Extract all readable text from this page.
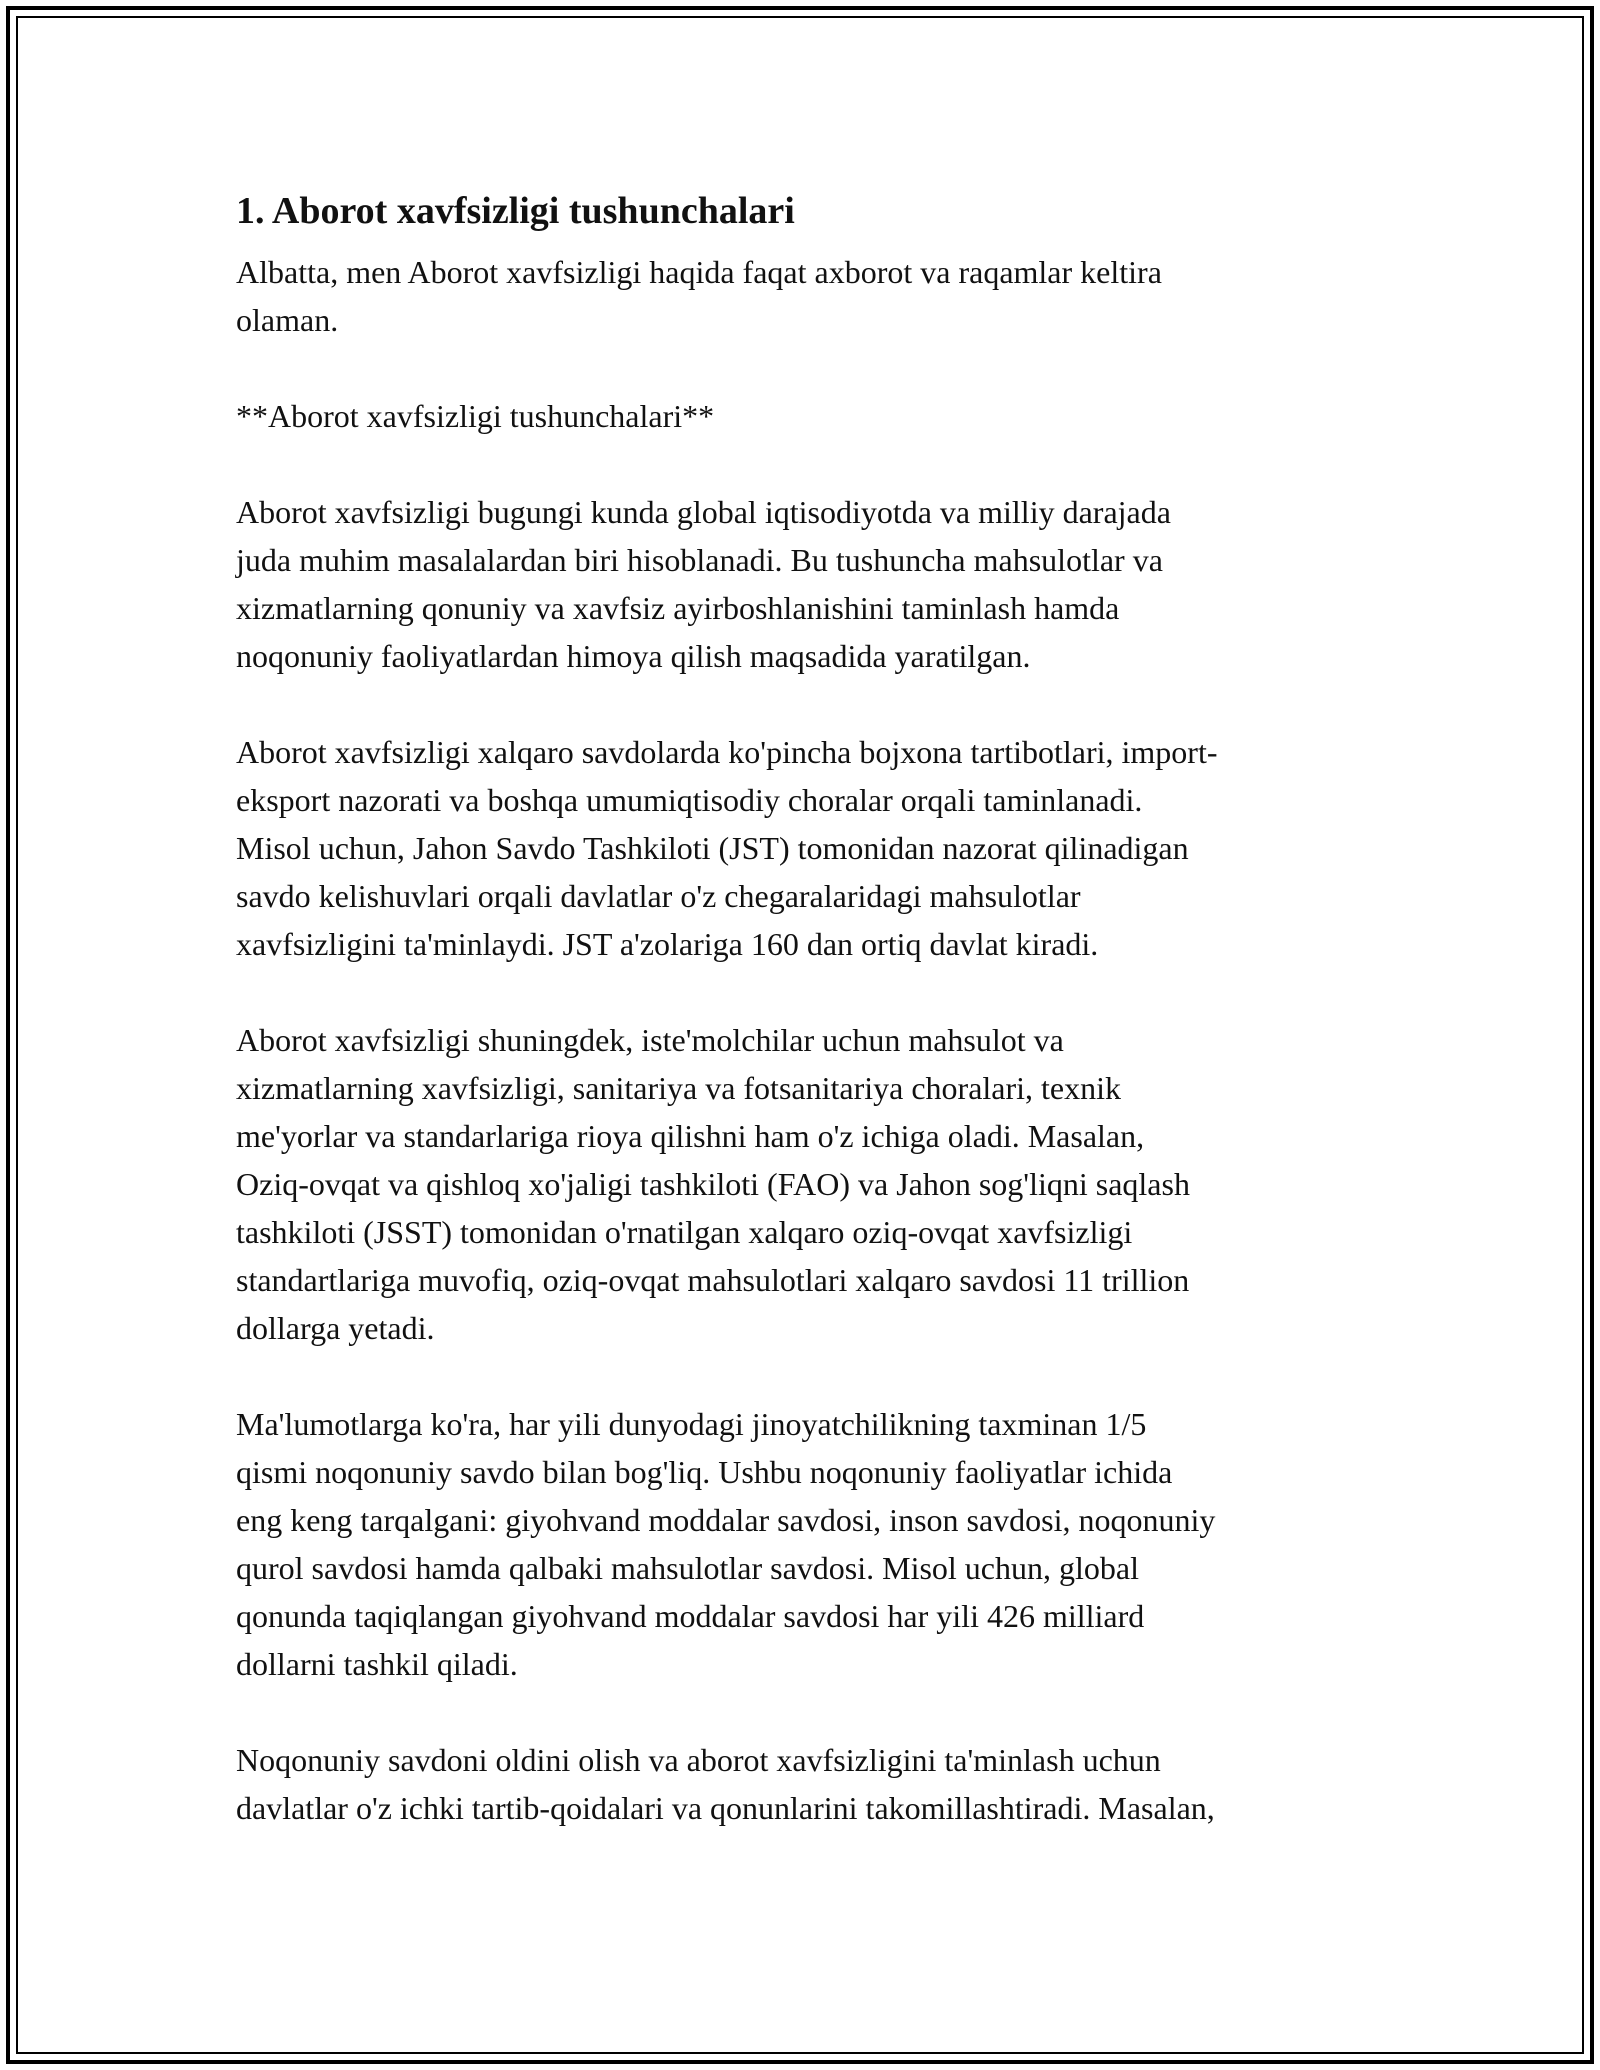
1. Aborot xavfsizligi tushunchalari
Albatta, men Aborot xavfsizligi haqida faqat axborot va raqamlar keltira
olaman.
**Aborot xavfsizligi tushunchalari**
Aborot xavfsizligi bugungi kunda global iqtisodiyotda va milliy darajada
juda muhim masalalardan biri hisoblanadi. Bu tushuncha mahsulotlar va
xizmatlarning qonuniy va xavfsiz ayirboshlanishini taminlash hamda
noqonuniy faoliyatlardan himoya qilish maqsadida yaratilgan.
Aborot xavfsizligi xalqaro savdolarda ko'pincha bojxona tartibotlari, import-
eksport nazorati va boshqa umumiqtisodiy choralar orqali taminlanadi.
Misol uchun, Jahon Savdo Tashkiloti (JST) tomonidan nazorat qilinadigan
savdo kelishuvlari orqali davlatlar o'z chegaralaridagi mahsulotlar
xavfsizligini ta'minlaydi. JST a'zolariga 160 dan ortiq davlat kiradi.
Aborot xavfsizligi shuningdek, iste'molchilar uchun mahsulot va
xizmatlarning xavfsizligi, sanitariya va fotsanitariya choralari, texnik
me'yorlar va standarlariga rioya qilishni ham o'z ichiga oladi. Masalan,
Oziq-ovqat va qishloq xo'jaligi tashkiloti (FAO) va Jahon sog'liqni saqlash
tashkiloti (JSST) tomonidan o'rnatilgan xalqaro oziq-ovqat xavfsizligi
standartlariga muvofiq, oziq-ovqat mahsulotlari xalqaro savdosi 11 trillion
dollarga yetadi.
Ma'lumotlarga ko'ra, har yili dunyodagi jinoyatchilikning taxminan 1/5
qismi noqonuniy savdo bilan bog'liq. Ushbu noqonuniy faoliyatlar ichida
eng keng tarqalgani: giyohvand moddalar savdosi, inson savdosi, noqonuniy
qurol savdosi hamda qalbaki mahsulotlar savdosi. Misol uchun, global
qonunda taqiqlangan giyohvand moddalar savdosi har yili 426 milliard
dollarni tashkil qiladi.
Noqonuniy savdoni oldini olish va aborot xavfsizligini ta'minlash uchun
davlatlar o'z ichki tartib-qoidalari va qonunlarini takomillashtiradi. Masalan,
